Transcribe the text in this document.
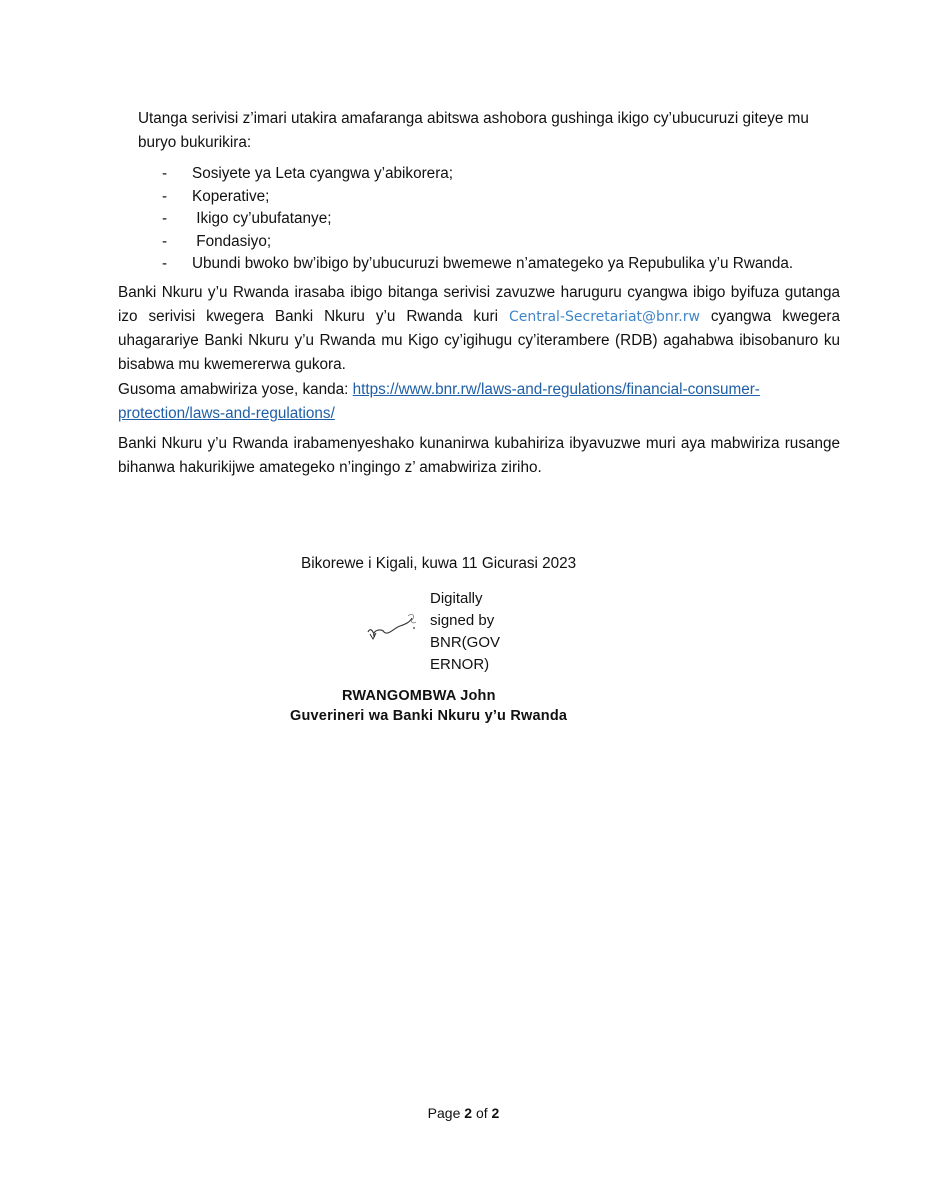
Utanga serivisi z’imari utakira amafaranga abitswa ashobora gushinga ikigo cy’ubucuruzi giteye mu buryo bukurikira:

- Sosiyete ya Leta cyangwa y’abikorera;
- Koperative;
- Ikigo cy’ubufatanye;
- Fondasiyo;
- Ubundi bwoko bw’ibigo by’ubucuruzi bwemewe n’amategeko ya Repubulika y’u Rwanda.

Banki Nkuru y’u Rwanda irasaba ibigo bitanga serivisi zavuzwe haruguru cyangwa ibigo byifuza gutanga izo serivisi kwegera Banki Nkuru y’u Rwanda kuri Central-Secretariat@bnr.rw cyangwa kwegera uhagarariye Banki Nkuru y’u Rwanda mu Kigo cy’igihugu cy’iterambere (RDB) agahabwa ibisobanuro ku bisabwa mu kwemererwa gukora.

Gusoma amabwiriza yose, kanda: https://www.bnr.rw/laws-and-regulations/financial-consumer-protection/laws-and-regulations/

Banki Nkuru y’u Rwanda irabamenyeshako kunanirwa kubahiriza ibyavuzwe muri aya mabwiriza rusange bihanwa hakurikijwe amategeko n’ingingo z’ amabwiriza ziriho.

Bikorewe i Kigali, kuwa 11 Gicurasi 2023
Digitally
signed by
BNR(GOV
ERNOR)
RWANGOMBWA John
Guverineri wa Banki Nkuru y’u Rwanda
Page 2 of 2
